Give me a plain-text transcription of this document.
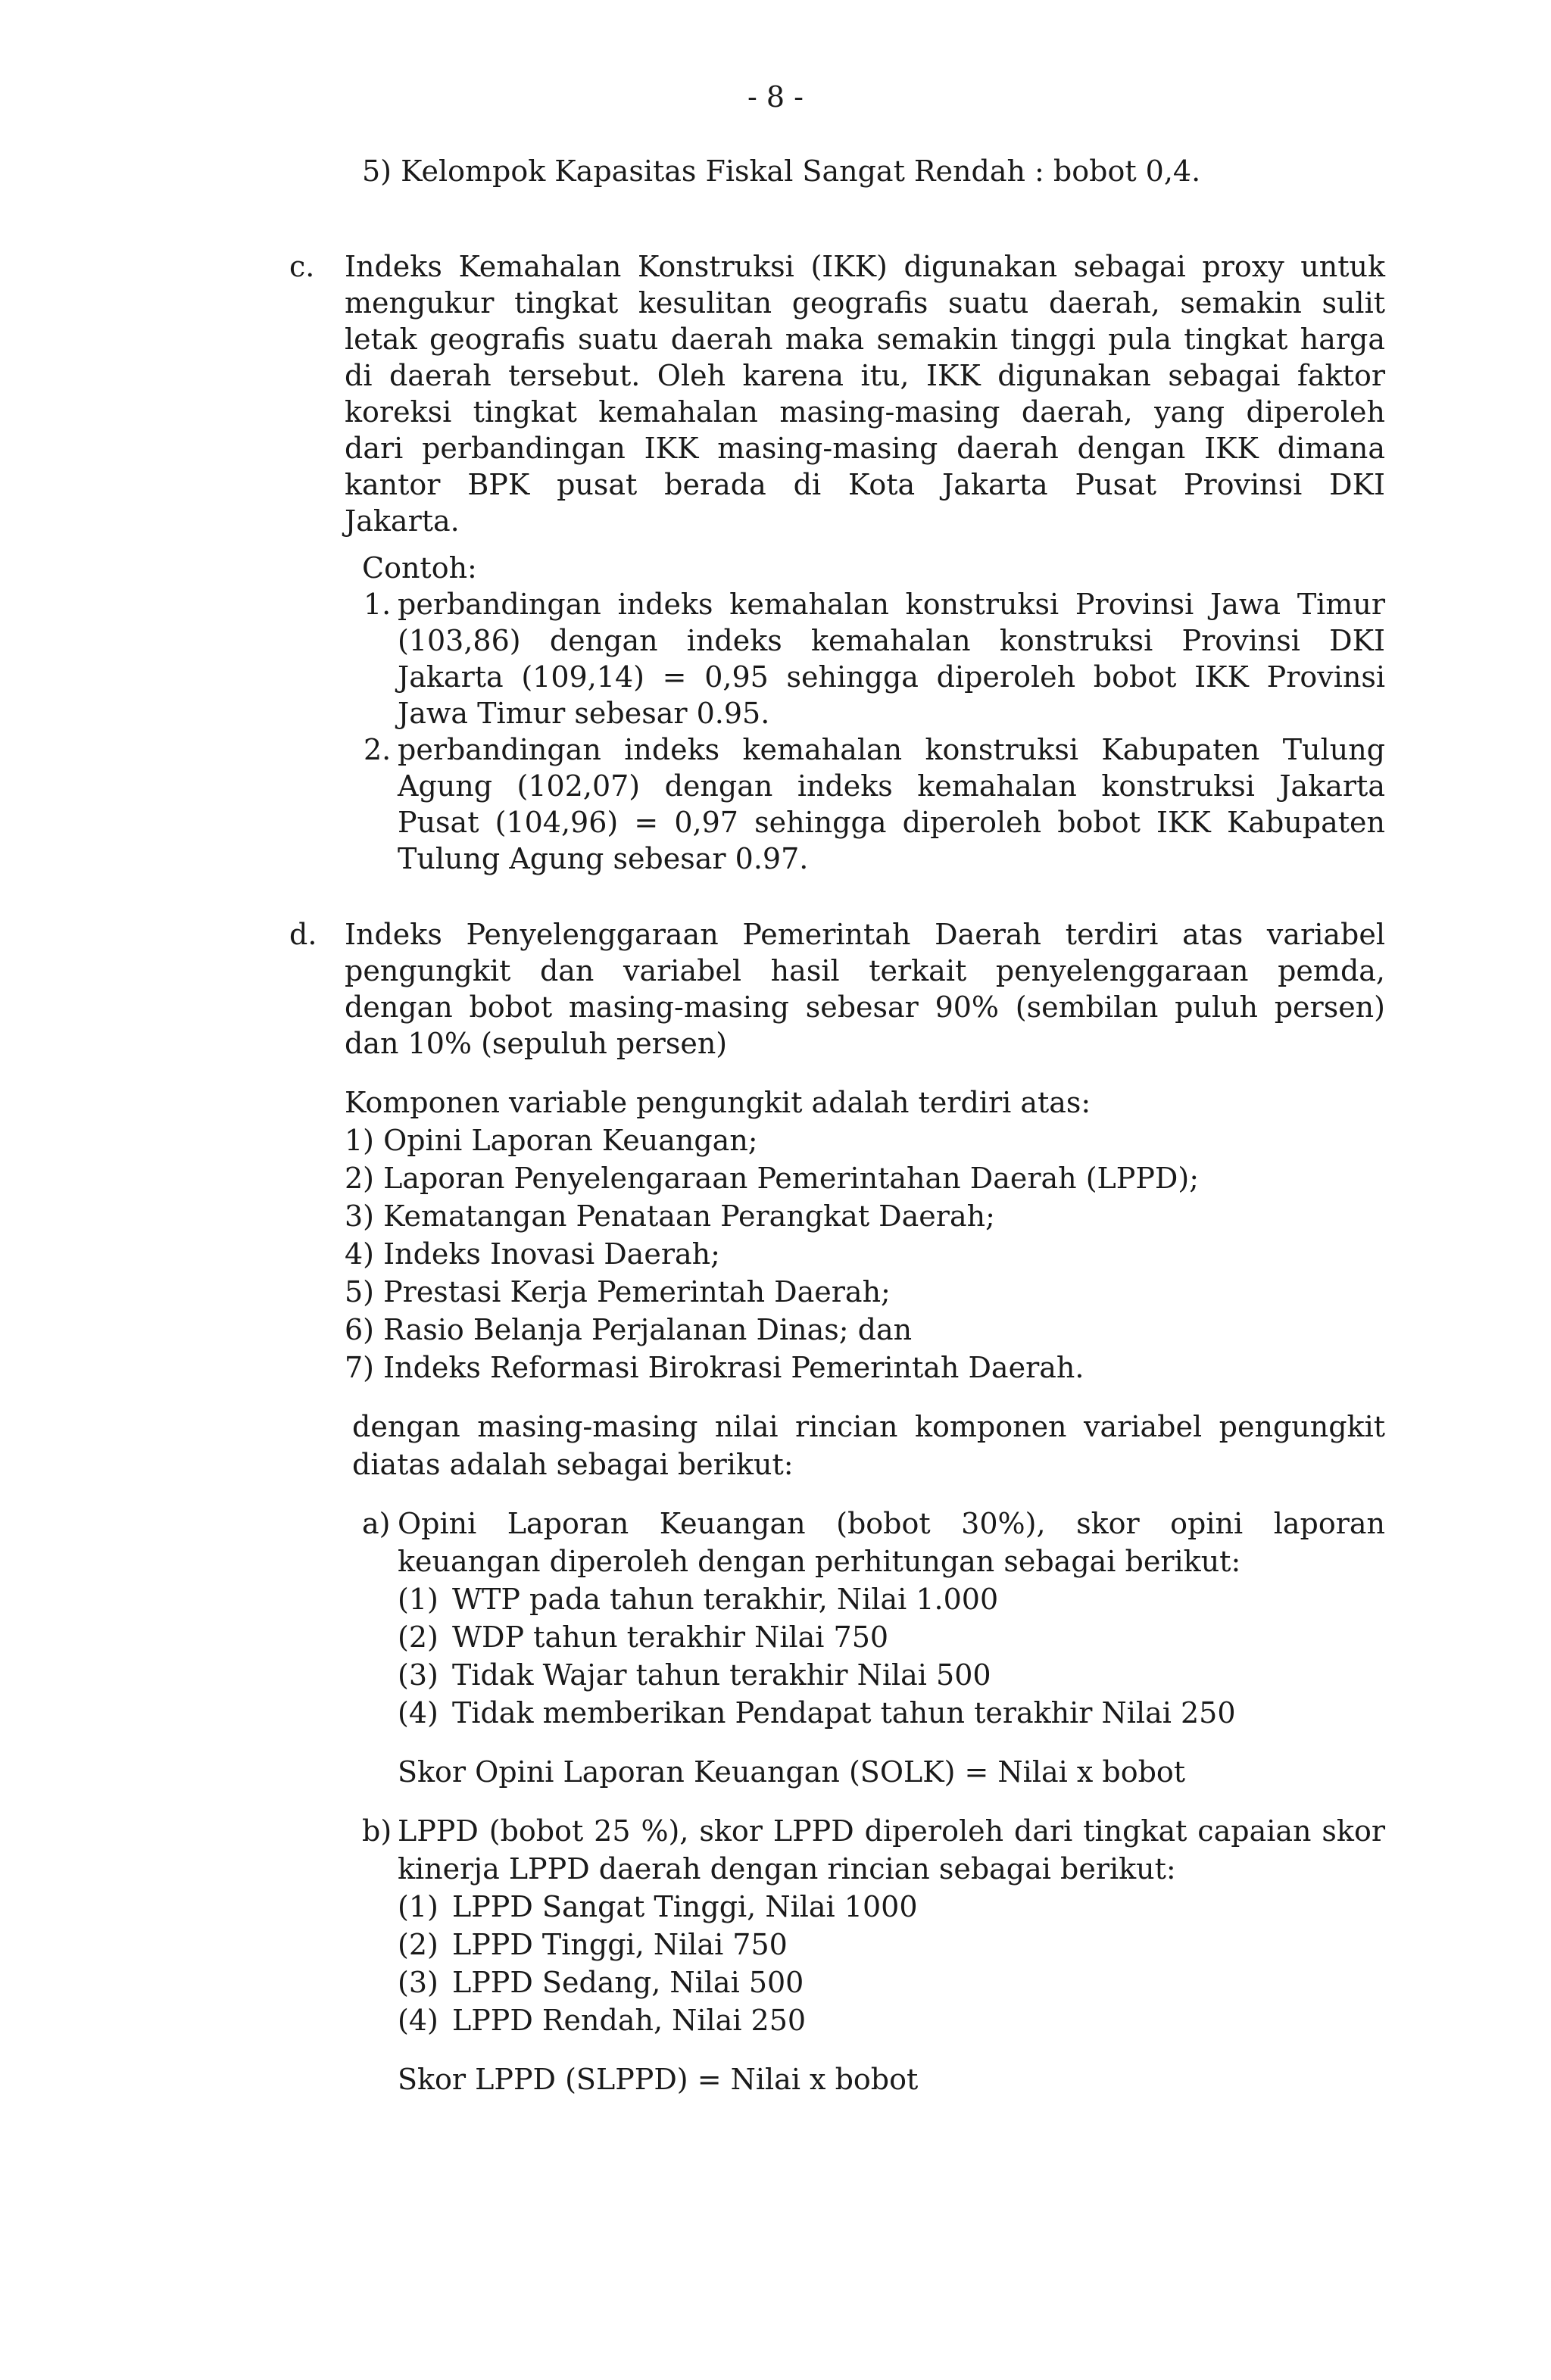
- 8 -
5) Kelompok Kapasitas Fiskal Sangat Rendah : bobot 0,4.
c. Indeks Kemahalan Konstruksi (IKK) digunakan sebagai proxy untuk
mengukur tingkat kesulitan geografis suatu daerah, semakin sulit
letak geografis suatu daerah maka semakin tinggi pula tingkat harga
di daerah tersebut. Oleh karena itu, IKK digunakan sebagai faktor
koreksi tingkat kemahalan masing-masing daerah, yang diperoleh
dari perbandingan IKK masing-masing daerah dengan IKK dimana
kantor BPK pusat berada di Kota Jakarta Pusat Provinsi DKI
Jakarta.
Contoh:
1. perbandingan indeks kemahalan konstruksi Provinsi Jawa Timur
(103,86) dengan indeks kemahalan konstruksi Provinsi DKI
Jakarta (109,14) = 0,95 sehingga diperoleh bobot IKK Provinsi
Jawa Timur sebesar 0.95.
2. perbandingan indeks kemahalan konstruksi Kabupaten Tulung
Agung (102,07) dengan indeks kemahalan konstruksi Jakarta
Pusat (104,96) = 0,97 sehingga diperoleh bobot IKK Kabupaten
Tulung Agung sebesar 0.97.
d. Indeks Penyelenggaraan Pemerintah Daerah terdiri atas variabel
pengungkit dan variabel hasil terkait penyelenggaraan pemda,
dengan bobot masing-masing sebesar 90% (sembilan puluh persen)
dan 10% (sepuluh persen)
Komponen variable pengungkit adalah terdiri atas:
1) Opini Laporan Keuangan;
2) Laporan Penyelengaraan Pemerintahan Daerah (LPPD);
3) Kematangan Penataan Perangkat Daerah;
4) Indeks Inovasi Daerah;
5) Prestasi Kerja Pemerintah Daerah;
6) Rasio Belanja Perjalanan Dinas; dan
7) Indeks Reformasi Birokrasi Pemerintah Daerah.
dengan masing-masing nilai rincian komponen variabel pengungkit
diatas adalah sebagai berikut:
a) Opini Laporan Keuangan (bobot 30%), skor opini laporan
keuangan diperoleh dengan perhitungan sebagai berikut:
(1) WTP pada tahun terakhir, Nilai 1.000
(2) WDP tahun terakhir Nilai 750
(3) Tidak Wajar tahun terakhir Nilai 500
(4) Tidak memberikan Pendapat tahun terakhir Nilai 250
Skor Opini Laporan Keuangan (SOLK) = Nilai x bobot
b) LPPD (bobot 25 %), skor LPPD diperoleh dari tingkat capaian skor
kinerja LPPD daerah dengan rincian sebagai berikut:
(1) LPPD Sangat Tinggi, Nilai 1000
(2) LPPD Tinggi, Nilai 750
(3) LPPD Sedang, Nilai 500
(4) LPPD Rendah, Nilai 250
Skor LPPD (SLPPD) = Nilai x bobot
